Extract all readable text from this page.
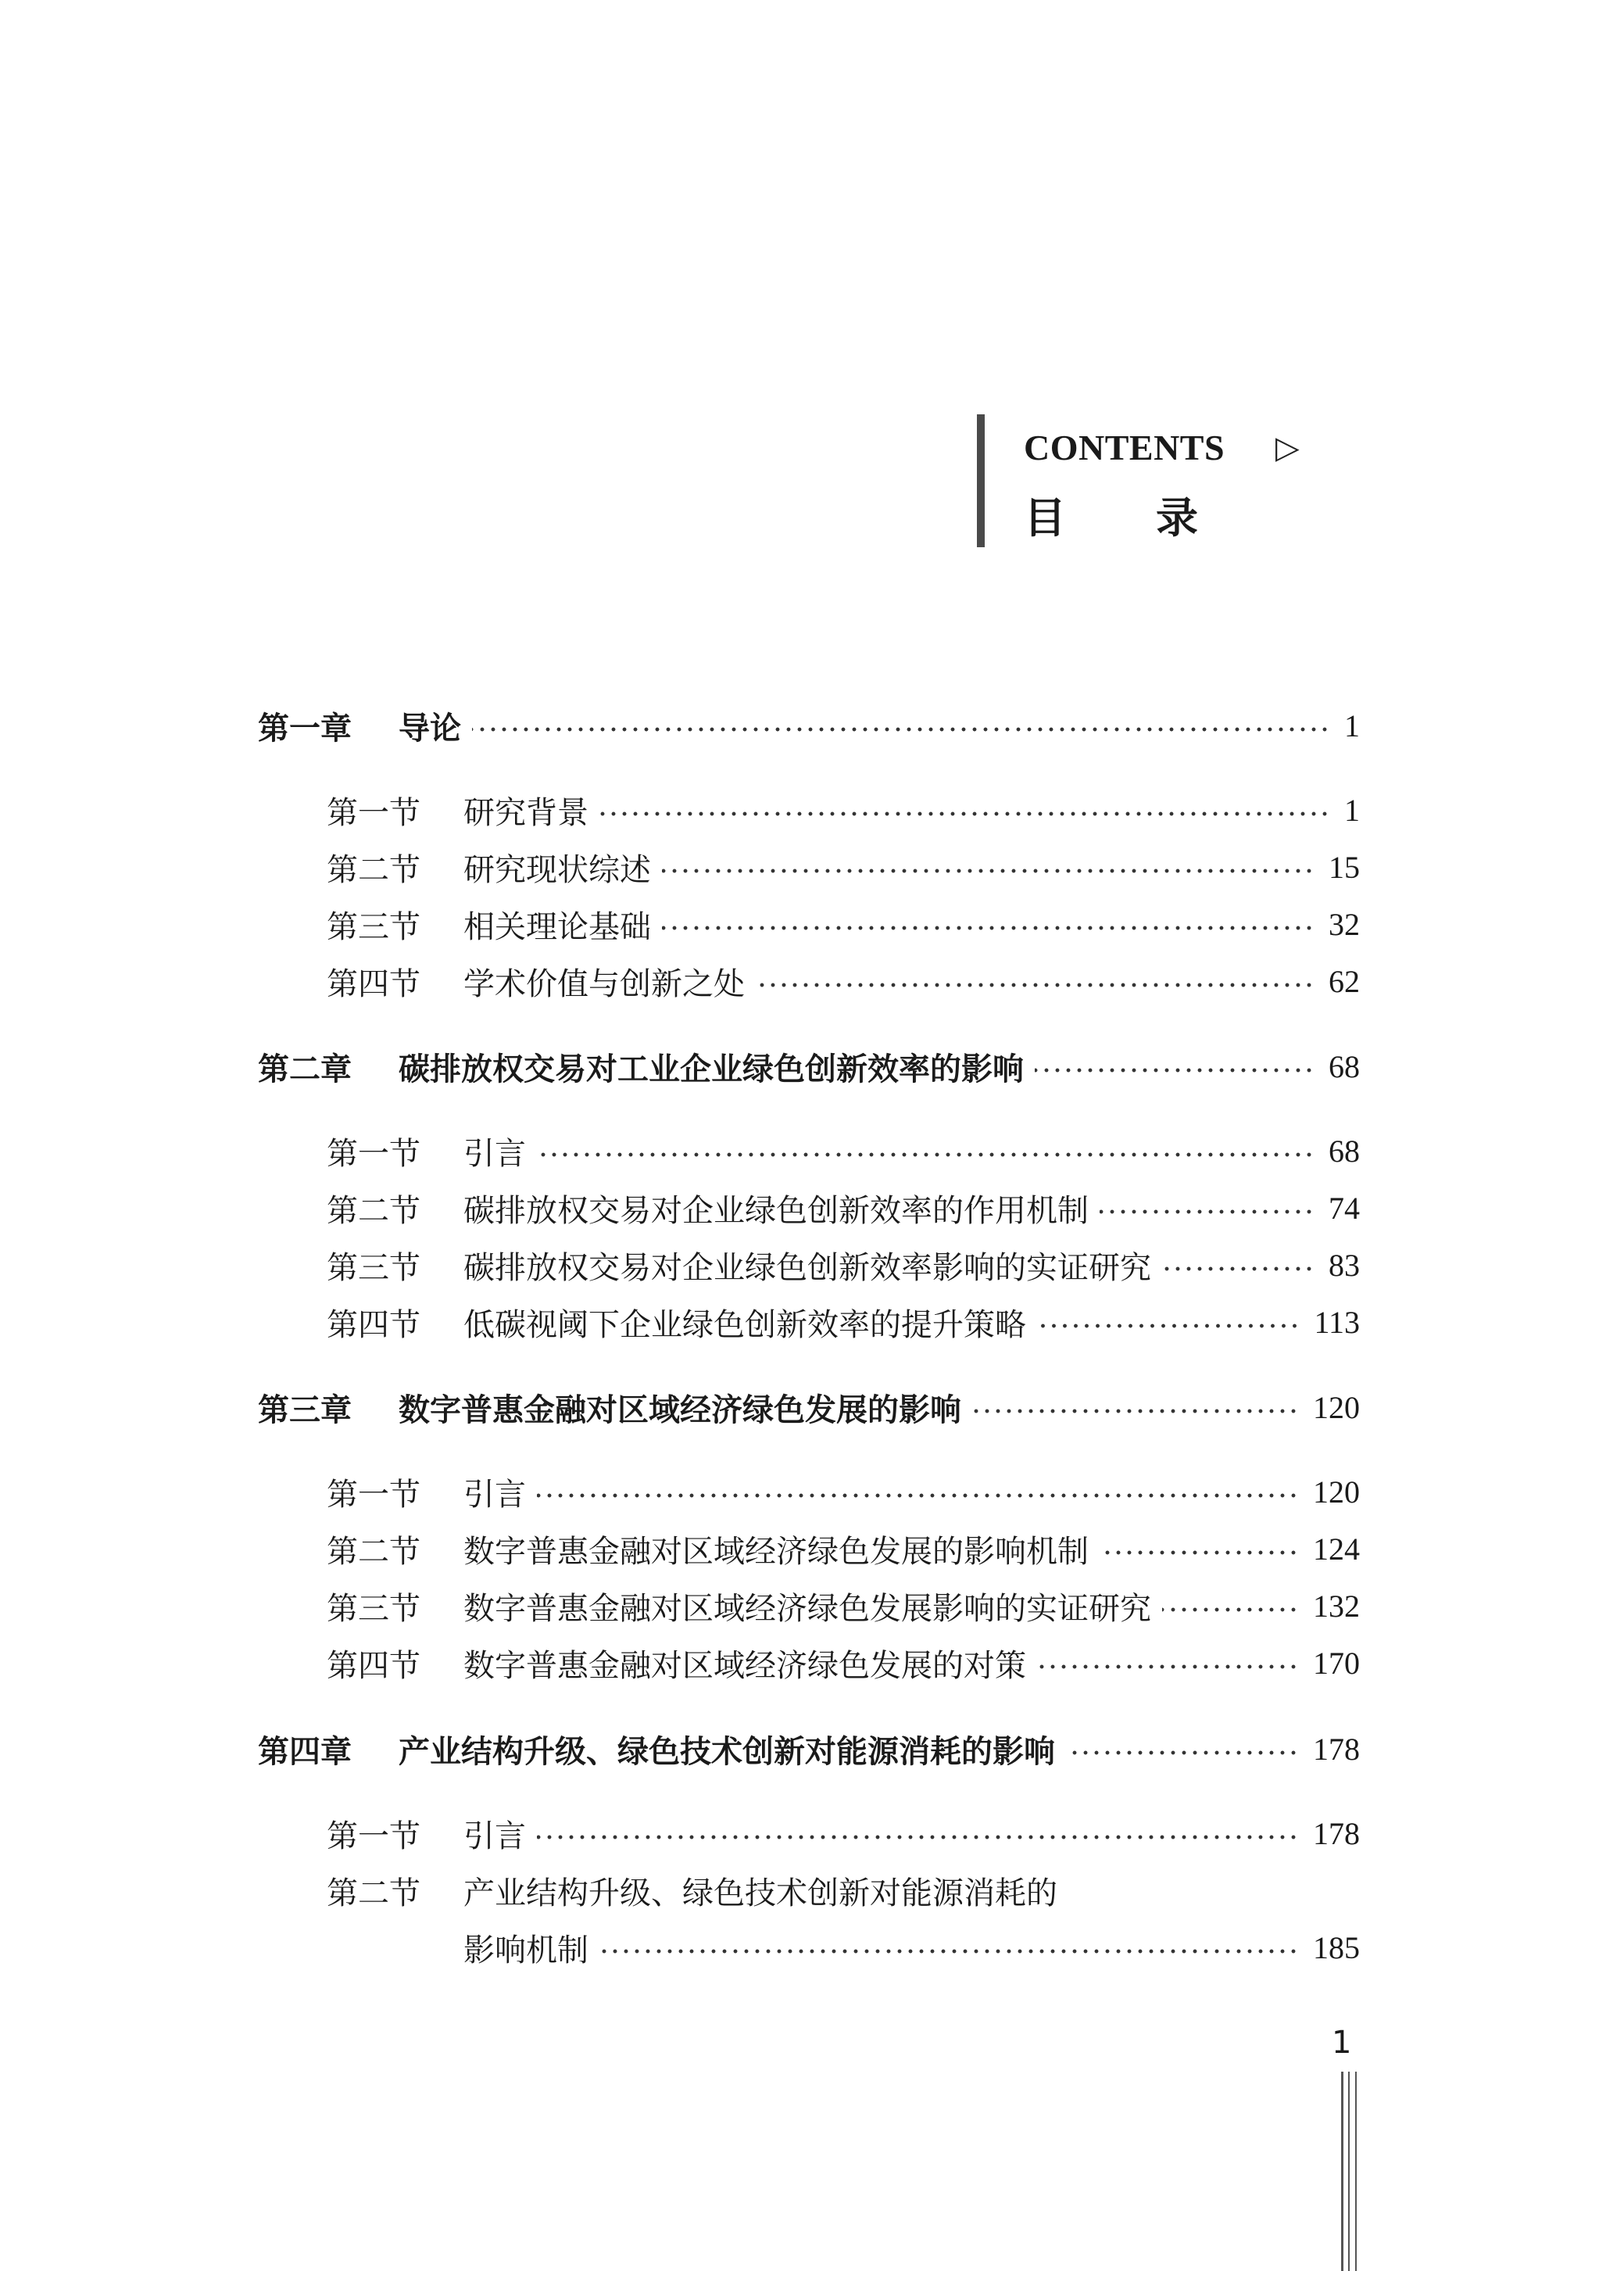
CONTENTS ▷
目 录
第一章	导论	1
第一节	研究背景	1
第二节	研究现状综述	15
第三节	相关理论基础	32
第四节	学术价值与创新之处	62
第二章	碳排放权交易对工业企业绿色创新效率的影响	68
第一节	引言	68
第二节	碳排放权交易对企业绿色创新效率的作用机制	74
第三节	碳排放权交易对企业绿色创新效率影响的实证研究	83
第四节	低碳视阈下企业绿色创新效率的提升策略	113
第三章	数字普惠金融对区域经济绿色发展的影响	120
第一节	引言	120
第二节	数字普惠金融对区域经济绿色发展的影响机制	124
第三节	数字普惠金融对区域经济绿色发展影响的实证研究	132
第四节	数字普惠金融对区域经济绿色发展的对策	170
第四章	产业结构升级、绿色技术创新对能源消耗的影响	178
第一节	引言	178
第二节	产业结构升级、绿色技术创新对能源消耗的
影响机制	185
1
